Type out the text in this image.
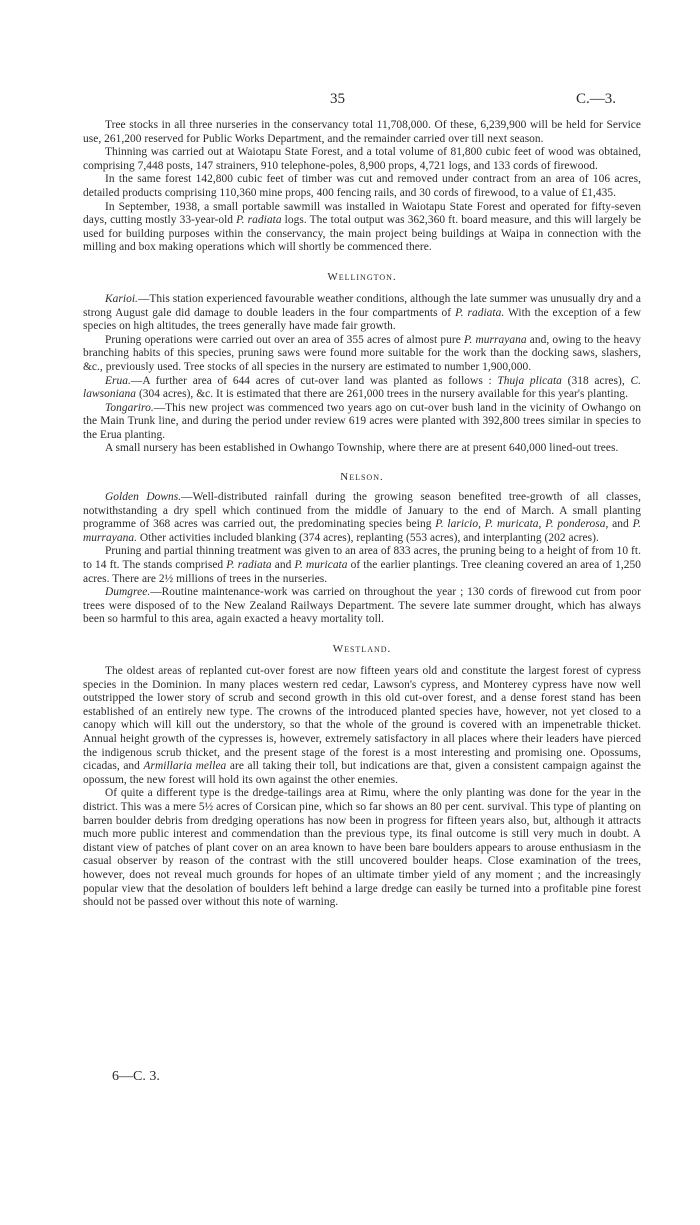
35	C.—3.

Tree stocks in all three nurseries in the conservancy total 11,708,000. Of these, 6,239,900 will be held for Service use, 261,200 reserved for Public Works Department, and the remainder carried over till next season.

Thinning was carried out at Waiotapu State Forest, and a total volume of 81,800 cubic feet of wood was obtained, comprising 7,448 posts, 147 strainers, 910 telephone-poles, 8,900 props, 4,721 logs, and 133 cords of firewood.

In the same forest 142,800 cubic feet of timber was cut and removed under contract from an area of 106 acres, detailed products comprising 110,360 mine props, 400 fencing rails, and 30 cords of firewood, to a value of £1,435.

In September, 1938, a small portable sawmill was installed in Waiotapu State Forest and operated for fifty-seven days, cutting mostly 33-year-old P. radiata logs. The total output was 362,360 ft. board measure, and this will largely be used for building purposes within the conservancy, the main project being buildings at Waipa in connection with the milling and box making operations which will shortly be commenced there.

Wellington.

Karioi.—This station experienced favourable weather conditions, although the late summer was unusually dry and a strong August gale did damage to double leaders in the four compartments of P. radiata. With the exception of a few species on high altitudes, the trees generally have made fair growth.

Pruning operations were carried out over an area of 355 acres of almost pure P. murrayana and, owing to the heavy branching habits of this species, pruning saws were found more suitable for the work than the docking saws, slashers, &c., previously used. Tree stocks of all species in the nursery are estimated to number 1,900,000.

Erua.—A further area of 644 acres of cut-over land was planted as follows : Thuja plicata (318 acres), C. lawsoniana (304 acres), &c. It is estimated that there are 261,000 trees in the nursery available for this year's planting.

Tongariro.—This new project was commenced two years ago on cut-over bush land in the vicinity of Owhango on the Main Trunk line, and during the period under review 619 acres were planted with 392,800 trees similar in species to the Erua planting.

A small nursery has been established in Owhango Township, where there are at present 640,000 lined-out trees.

Nelson.

Golden Downs.—Well-distributed rainfall during the growing season benefited tree-growth of all classes, notwithstanding a dry spell which continued from the middle of January to the end of March. A small planting programme of 368 acres was carried out, the predominating species being P. laricio, P. muricata, P. ponderosa, and P. murrayana. Other activities included blanking (374 acres), replanting (553 acres), and interplanting (202 acres).

Pruning and partial thinning treatment was given to an area of 833 acres, the pruning being to a height of from 10 ft. to 14 ft. The stands comprised P. radiata and P. muricata of the earlier plantings. Tree cleaning covered an area of 1,250 acres. There are 2½ millions of trees in the nurseries.

Dumgree.—Routine maintenance-work was carried on throughout the year ; 130 cords of firewood cut from poor trees were disposed of to the New Zealand Railways Department. The severe late summer drought, which has always been so harmful to this area, again exacted a heavy mortality toll.

Westland.

The oldest areas of replanted cut-over forest are now fifteen years old and constitute the largest forest of cypress species in the Dominion. In many places western red cedar, Lawson's cypress, and Monterey cypress have now well outstripped the lower story of scrub and second growth in this old cut-over forest, and a dense forest stand has been established of an entirely new type. The crowns of the introduced planted species have, however, not yet closed to a canopy which will kill out the understory, so that the whole of the ground is covered with an impenetrable thicket. Annual height growth of the cypresses is, however, extremely satisfactory in all places where their leaders have pierced the indigenous scrub thicket, and the present stage of the forest is a most interesting and promising one. Opossums, cicadas, and Armillaria mellea are all taking their toll, but indications are that, given a consistent campaign against the opossum, the new forest will hold its own against the other enemies.

Of quite a different type is the dredge-tailings area at Rimu, where the only planting was done for the year in the district. This was a mere 5½ acres of Corsican pine, which so far shows an 80 per cent. survival. This type of planting on barren boulder debris from dredging operations has now been in progress for fifteen years also, but, although it attracts much more public interest and commendation than the previous type, its final outcome is still very much in doubt. A distant view of patches of plant cover on an area known to have been bare boulders appears to arouse enthusiasm in the casual observer by reason of the contrast with the still uncovered boulder heaps. Close examination of the trees, however, does not reveal much grounds for hopes of an ultimate timber yield of any moment ; and the increasingly popular view that the desolation of boulders left behind a large dredge can easily be turned into a profitable pine forest should not be passed over without this note of warning.

6—C. 3.
